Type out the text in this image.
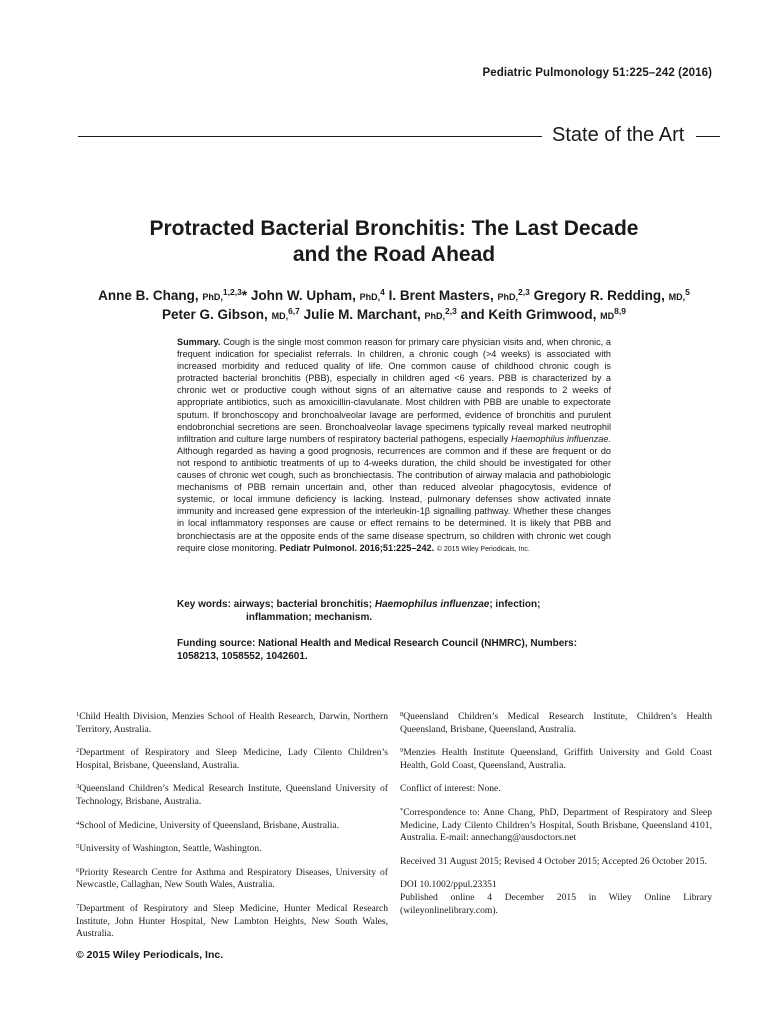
Pediatric Pulmonology 51:225–242 (2016)
State of the Art
Protracted Bacterial Bronchitis: The Last Decade
and the Road Ahead
Anne B. Chang, PhD,$^{1,2,3}$* John W. Upham, PhD,$^4$ I. Brent Masters, PhD,$^{2,3}$ Gregory R. Redding, MD,$^5$
Peter G. Gibson, MD,$^{6,7}$ Julie M. Marchant, PhD,$^{2,3}$ and Keith Grimwood, MD$^{8,9}$
Summary. Cough is the single most common reason for primary care physician visits and, when chronic, a frequent indication for specialist referrals. In children, a chronic cough (>4 weeks) is associated with increased morbidity and reduced quality of life. One common cause of childhood chronic cough is protracted bacterial bronchitis (PBB), especially in children aged <6 years. PBB is characterized by a chronic wet or productive cough without signs of an alternative cause and responds to 2 weeks of appropriate antibiotics, such as amoxicillin-clavulanate. Most children with PBB are unable to expectorate sputum. If bronchoscopy and bronchoalveolar lavage are performed, evidence of bronchitis and purulent endobronchial secretions are seen. Bronchoalveolar lavage specimens typically reveal marked neutrophil infiltration and culture large numbers of respiratory bacterial pathogens, especially Haemophilus influenzae. Although regarded as having a good prognosis, recurrences are common and if these are frequent or do not respond to antibiotic treatments of up to 4-weeks duration, the child should be investigated for other causes of chronic wet cough, such as bronchiectasis. The contribution of airway malacia and pathobiologic mechanisms of PBB remain uncertain and, other than reduced alveolar phagocytosis, evidence of systemic, or local immune deficiency is lacking. Instead, pulmonary defenses show activated innate immunity and increased gene expression of the interleukin-1β signalling pathway. Whether these changes in local inflammatory responses are cause or effect remains to be determined. It is likely that PBB and bronchiectasis are at the opposite ends of the same disease spectrum, so children with chronic wet cough require close monitoring. Pediatr Pulmonol. 2016;51:225–242. © 2015 Wiley Periodicals, Inc.
Key words: airways; bacterial bronchitis; Haemophilus influenzae; infection;
inflammation; mechanism.
Funding source: National Health and Medical Research Council (NHMRC), Numbers: 1058213, 1058552, 1042601.

$^1$Child Health Division, Menzies School of Health Research, Darwin, Northern Territory, Australia.

$^2$Department of Respiratory and Sleep Medicine, Lady Cilento Children’s Hospital, Brisbane, Queensland, Australia.

$^3$Queensland Children’s Medical Research Institute, Queensland University of Technology, Brisbane, Australia.

$^4$School of Medicine, University of Queensland, Brisbane, Australia.

$^5$University of Washington, Seattle, Washington.

$^6$Priority Research Centre for Asthma and Respiratory Diseases, University of Newcastle, Callaghan, New South Wales, Australia.

$^7$Department of Respiratory and Sleep Medicine, Hunter Medical Research Institute, John Hunter Hospital, New Lambton Heights, New South Wales, Australia.

$^8$Queensland Children’s Medical Research Institute, Children’s Health Queensland, Brisbane, Queensland, Australia.

$^9$Menzies Health Institute Queensland, Griffith University and Gold Coast Health, Gold Coast, Queensland, Australia.

Conflict of interest: None.

*Correspondence to: Anne Chang, PhD, Department of Respiratory and Sleep Medicine, Lady Cilento Children’s Hospital, South Brisbane, Queensland 4101, Australia. E-mail: annechang@ausdoctors.net

Received 31 August 2015; Revised 4 October 2015; Accepted 26 October 2015.

DOI 10.1002/ppul.23351
Published online 4 December 2015 in Wiley Online Library (wileyonlinelibrary.com).

© 2015 Wiley Periodicals, Inc.
